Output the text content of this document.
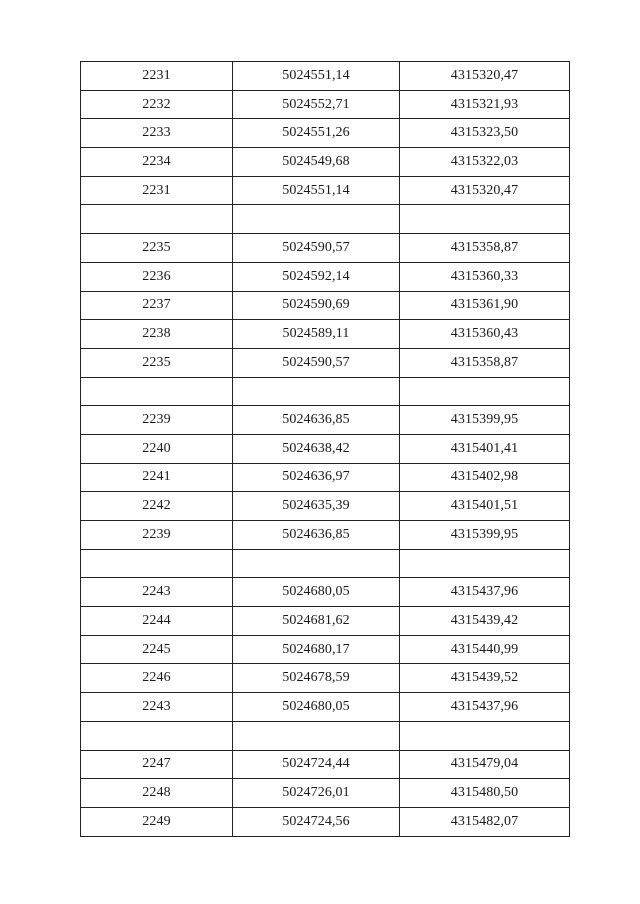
2231	5024551,14	4315320,47
2232	5024552,71	4315321,93
2233	5024551,26	4315323,50
2234	5024549,68	4315322,03
2231	5024551,14	4315320,47

2235	5024590,57	4315358,87
2236	5024592,14	4315360,33
2237	5024590,69	4315361,90
2238	5024589,11	4315360,43
2235	5024590,57	4315358,87

2239	5024636,85	4315399,95
2240	5024638,42	4315401,41
2241	5024636,97	4315402,98
2242	5024635,39	4315401,51
2239	5024636,85	4315399,95

2243	5024680,05	4315437,96
2244	5024681,62	4315439,42
2245	5024680,17	4315440,99
2246	5024678,59	4315439,52
2243	5024680,05	4315437,96

2247	5024724,44	4315479,04
2248	5024726,01	4315480,50
2249	5024724,56	4315482,07
